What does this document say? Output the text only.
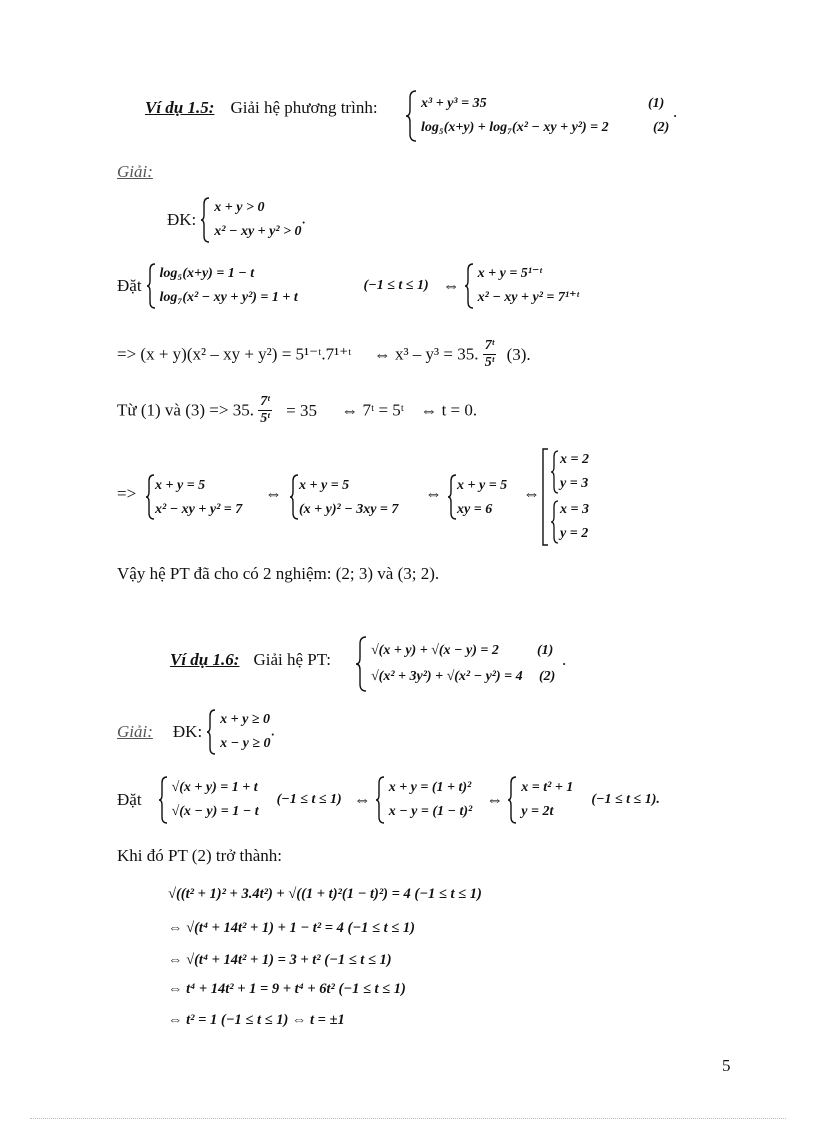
Ví dụ 1.5: Giải hệ phương trình:
	x³ + y³ = 35	(1)
log₅(x+y) + log₇(x² − xy + y²) = 2	(2)
.
Giải:
ĐK:
x + y > 0
x² − xy + y² > 0
.
Đặt
log₅(x+y) = 1 − t
log₇(x² − xy + y²) = 1 + t
(−1 ≤ t ≤ 1) ⇔
x + y = 5¹⁻ᵗ
x² − xy + y² = 7¹⁺ᵗ
=> (x + y)(x² – xy + y²) = 5¹⁻ᵗ.7¹⁺ᵗ ⇔ x³ – y³ = 35. $\frac{\text{7ᵗ}}{\text{5ᵗ}} (3)$.
Từ (1) và (3) => 35. $\frac{\text{7ᵗ}}{\text{5ᵗ}} = 35$ ⇔ 7ᵗ = 5ᵗ ⇔ t = 0.
=> x + y = 5
x² − xy + y² = 7
⇔ x + y = 5
(x + y)² − 3xy = 7
⇔ x + y = 5
xy = 6
⇔
x = 2
y = 3
x = 3
y = 2
Vậy hệ PT đã cho có 2 nghiệm: (2; 3) và (3; 2).
Ví dụ 1.6: Giải hệ PT:
	√(x + y) + √(x − y) = 2	(1)
√(x² + 3y²) + √(x² − y²) = 4 (2)
.
Giải: ĐK:
x + y ≥ 0
x − y ≥ 0
.
Đặt
√(x + y) = 1 + t
√(x − y) = 1 − t
(−1 ≤ t ≤ 1) ⇔
x + y = (1 + t)²
x − y = (1 − t)²
⇔
x = t² + 1
y = 2t
(−1 ≤ t ≤ 1).
Khi đó PT (2) trở thành:
√((t² + 1)² + 3.4t²) + √((1 + t)²(1 − t)²) = 4 (−1 ≤ t ≤ 1)
⇔ √(t⁴ + 14t² + 1) + 1 − t² = 4 (−1 ≤ t ≤ 1)
⇔ √(t⁴ + 14t² + 1) = 3 + t² (−1 ≤ t ≤ 1)
⇔ t⁴ + 14t² + 1 = 9 + t⁴ + 6t² (−1 ≤ t ≤ 1)
⇔ t² = 1 (−1 ≤ t ≤ 1) ⇔ t = ±1
5
